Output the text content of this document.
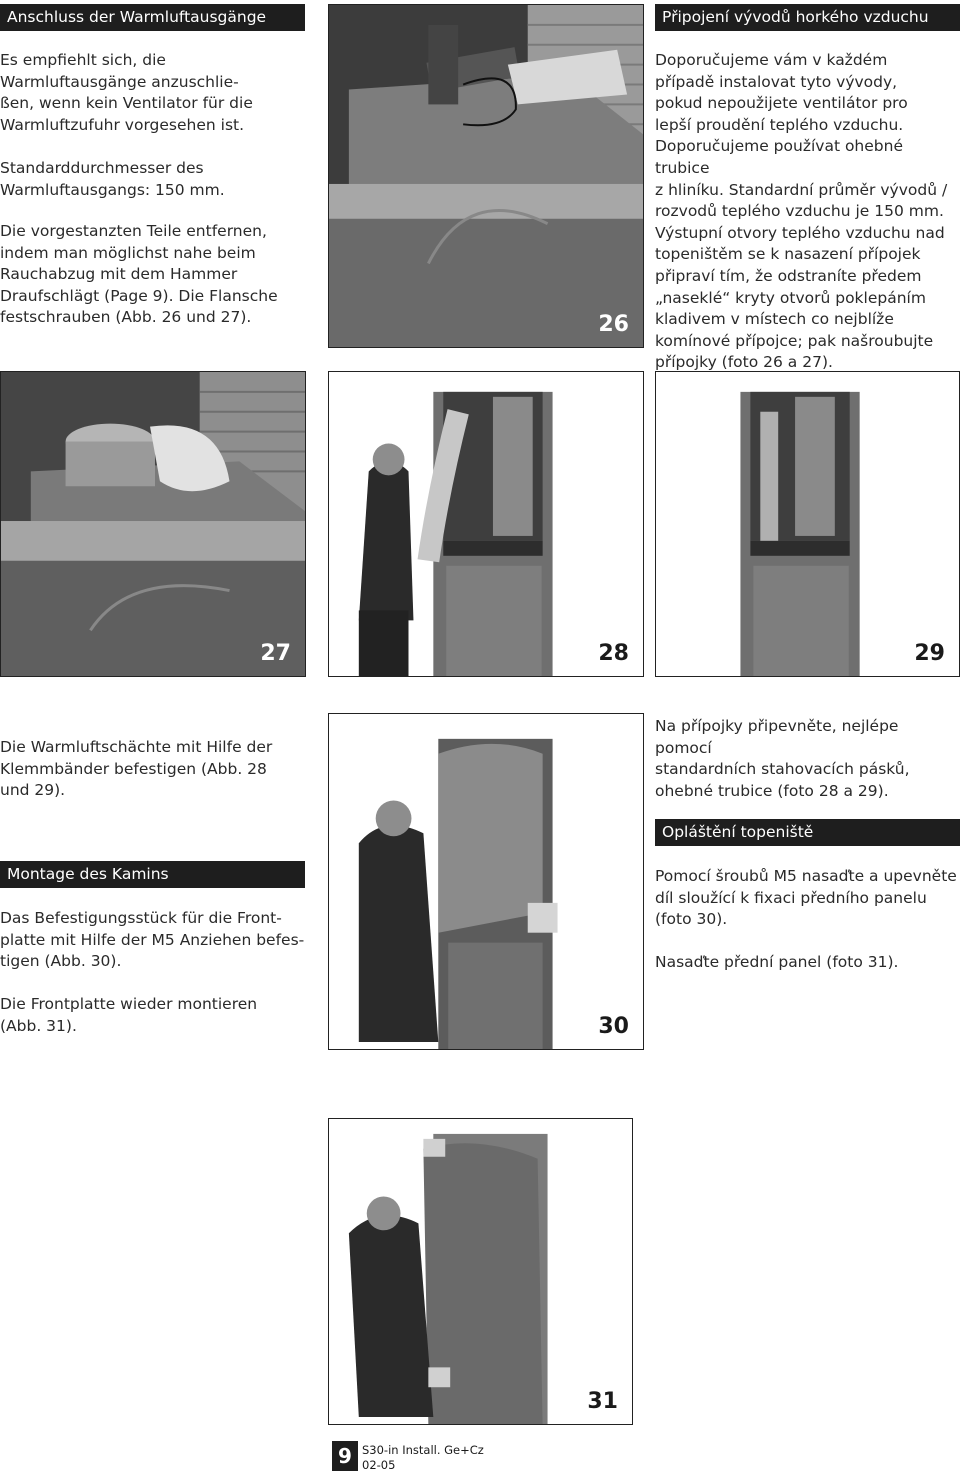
Anschluss der Warmluftausgänge
Es empfiehlt sich, die
Warmluftausgänge anzuschlie-
ßen, wenn kein Ventilator für die
Warmluftzufuhr vorgesehen ist.
Standarddurchmesser des
Warmluftausgangs: 150 mm.
Die vorgestanzten Teile entfernen,
indem man möglichst nahe beim
Rauchabzug mit dem Hammer
Draufschlägt (Page 9). Die Flansche
festschrauben (Abb. 26 und 27).
Připojení vývodů horkého vzduchu
Doporučujeme vám v každém
případě instalovat tyto vývody,
pokud nepoužijete ventilátor pro
lepší proudění teplého vzduchu.
Doporučujeme používat ohebné trubice
z hliníku. Standardní průměr vývodů /
rozvodů teplého vzduchu je 150 mm.
Výstupní otvory teplého vzduchu nad
topeništěm se k nasazení přípojek
připraví tím, že odstraníte předem
„naseklé“ kryty otvorů poklepáním
kladivem v místech co nejblíže
komínové přípojce; pak našroubujte
přípojky (foto 26 a 27).
26
27	28	29
Die Warmluftschächte mit Hilfe der
Klemmbänder befestigen (Abb. 28
und 29).
Na přípojky připevněte, nejlépe pomocí
standardních stahovacích pásků,
ohebné trubice (foto 28 a 29).
Montage des Kamins
Opláštění topeniště
Das Befestigungsstück für die Front-
platte mit Hilfe der M5 Anziehen befes-
tigen (Abb. 30).
Die Frontplatte wieder montieren
(Abb. 31).
Pomocí šroubů M5 nasaďte a upevněte
díl sloužící k fixaci předního panelu
(foto 30).
Nasaďte přední panel (foto 31).
30
31
9 S30-in Install. Ge+Cz
02-05
